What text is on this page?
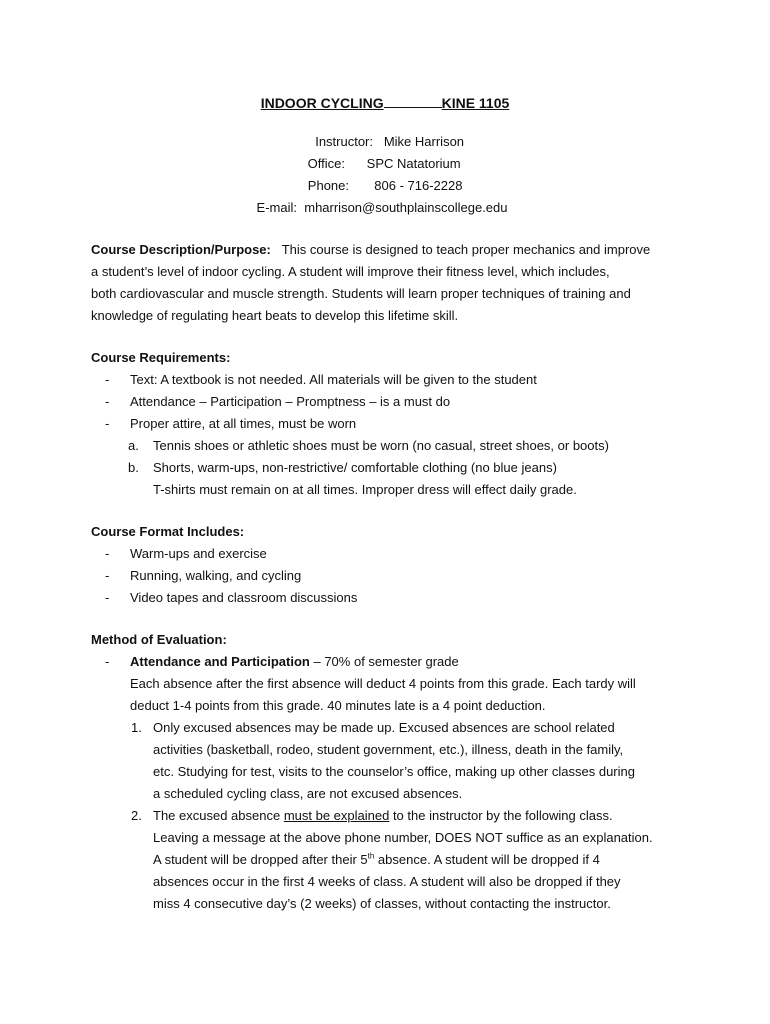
INDOOR CYCLING	KINE 1105
Instructor: Mike Harrison
Office: SPC Natatorium
Phone: 806 - 716-2228
E-mail: mharrison@southplainscollege.edu

Course Description/Purpose: This course is designed to teach proper mechanics and improve

a student’s level of indoor cycling. A student will improve their fitness level, which includes,

both cardiovascular and muscle strength. Students will learn proper techniques of training and

knowledge of regulating heart beats to develop this lifetime skill.

Course Requirements:

- Text: A textbook is not needed. All materials will be given to the student

- Attendance – Participation – Promptness – is a must do

- Proper attire, at all times, must be worn

a. Tennis shoes or athletic shoes must be worn (no casual, street shoes, or boots)

b. Shorts, warm-ups, non-restrictive/ comfortable clothing (no blue jeans)

T-shirts must remain on at all times. Improper dress will effect daily grade.

Course Format Includes:

- Warm-ups and exercise

- Running, walking, and cycling

- Video tapes and classroom discussions

Method of Evaluation:

- Attendance and Participation – 70% of semester grade

Each absence after the first absence will deduct 4 points from this grade. Each tardy will

deduct 1-4 points from this grade. 40 minutes late is a 4 point deduction.

1. Only excused absences may be made up. Excused absences are school related

activities (basketball, rodeo, student government, etc.), illness, death in the family,

etc. Studying for test, visits to the counselor’s office, making up other classes during

a scheduled cycling class, are not excused absences.

2. The excused absence must be explained to the instructor by the following class.

Leaving a message at the above phone number, DOES NOT suffice as an explanation.

A student will be dropped after their 5th absence. A student will be dropped if 4

absences occur in the first 4 weeks of class. A student will also be dropped if they

miss 4 consecutive day’s (2 weeks) of classes, without contacting the instructor.
